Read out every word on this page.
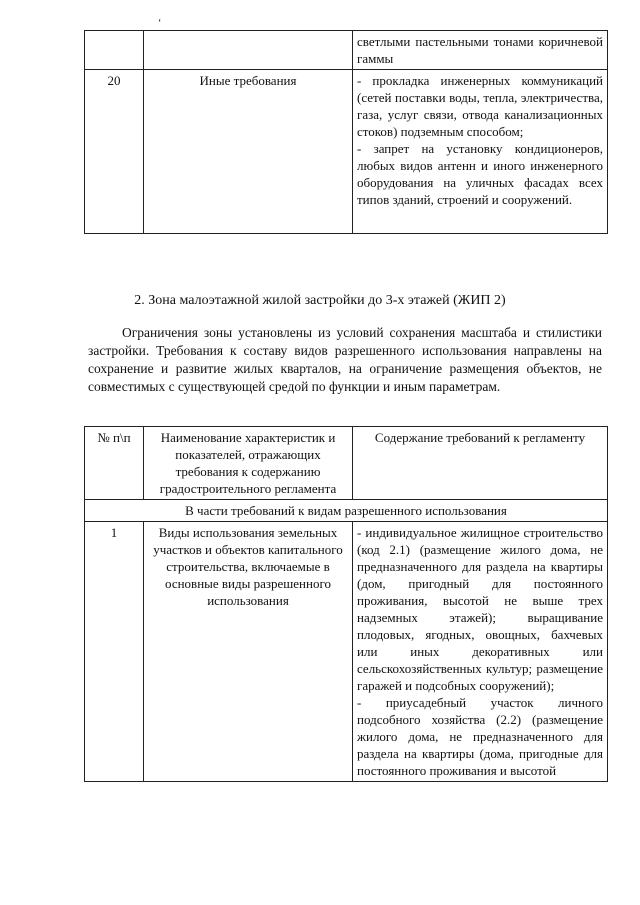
‘
		светлыми пастельными тонами коричневой гаммы
20	Иные требования	- прокладка инженерных коммуникаций (сетей поставки воды, тепла, электричества, газа, услуг связи, отвода канализационных стоков) подземным способом;
- запрет на установку кондиционеров, любых видов антенн и иного инженерного оборудования на уличных фасадах всех типов зданий, строений и сооружений.
2. Зона малоэтажной жилой застройки до 3-х этажей (ЖИП 2)

Ограничения зоны установлены из условий сохранения масштаба и стилистики застройки. Требования к составу видов разрешенного использования направлены на сохранение и развитие жилых кварталов, на ограничение размещения объектов, не совместимых с существующей средой по функции и иным параметрам.

№ п\п	Наименование характеристик и показателей, отражающих требования к содержанию градостроительного регламента	Содержание требований к регламенту
В части требований к видам разрешенного использования		
1	Виды использования земельных участков и объектов капитального строительства, включаемые в основные виды разрешенного использования	- индивидуальное жилищное строительство (код 2.1) (размещение жилого дома, не предназначенного для раздела на квартиры (дом, пригодный для постоянного проживания, высотой не выше трех надземных этажей); выращивание плодовых, ягодных, овощных, бахчевых или иных декоративных или сельскохозяйственных культур; размещение гаражей и подсобных сооружений);
- приусадебный участок личного подсобного хозяйства (2.2) (размещение жилого дома, не предназначенного для раздела на квартиры (дома, пригодные для постоянного проживания и высотой
